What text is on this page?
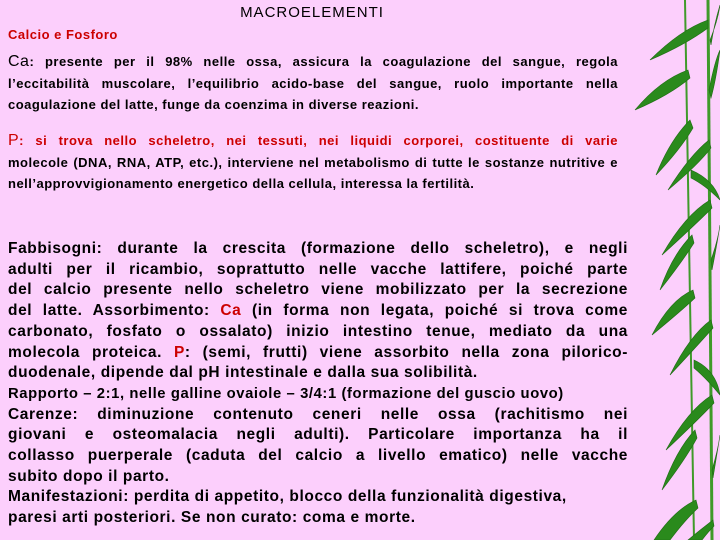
MACROELEMENTI
Calcio e Fosforo
Ca: presente per il 98% nelle ossa, assicura la coagulazione del sangue, regola l’eccitabilità muscolare, l’equilibrio acido-base del sangue, ruolo importante nella coagulazione del latte, funge da coenzima in diverse reazioni.
P: si trova nello scheletro, nei tessuti, nei liquidi corporei, costituente di varie
molecole (DNA, RNA, ATP, etc.), interviene nel metabolismo di tutte le sostanze nutritive e nell’approvvigionamento energetico della cellula, interessa la fertilità.
Fabbisogni: durante la crescita (formazione dello scheletro), e negli
adulti per il ricambio, soprattutto nelle vacche lattifere, poiché parte
del calcio presente nello scheletro viene mobilizzato per la secrezione
del latte. Assorbimento: Ca (in forma non legata, poiché si trova come
carbonato, fosfato o ossalato) inizio intestino tenue, mediato da una
molecola proteica. P: (semi, frutti) viene assorbito nella zona pilorico-
duodenale, dipende dal pH intestinale e dalla sua solibilità.
Rapporto – 2:1, nelle galline ovaiole – 3/4:1 (formazione del guscio uovo)
Carenze: diminuzione contenuto ceneri nelle ossa (rachitismo nei
giovani e osteomalacia negli adulti). Particolare importanza ha il
collasso puerperale (caduta del calcio a livello ematico) nelle vacche
subito dopo il parto.
Manifestazioni: perdita di appetito, blocco della funzionalità digestiva,
paresi arti posteriori. Se non curato: coma e morte.
